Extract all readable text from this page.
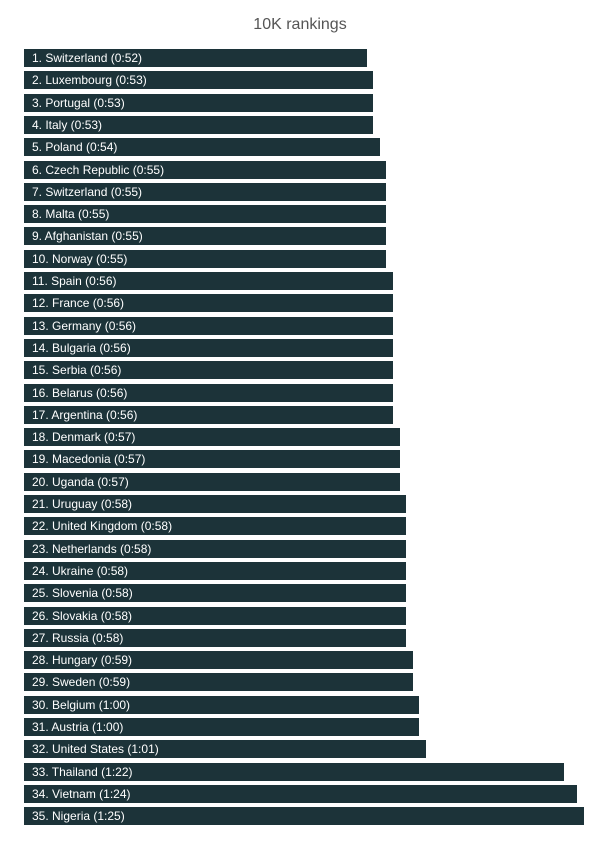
10K rankings
1. Switzerland (0:52)
2. Luxembourg (0:53)
3. Portugal (0:53)
4. Italy (0:53)
5. Poland (0:54)
6. Czech Republic (0:55)
7. Switzerland (0:55)
8. Malta (0:55)
9. Afghanistan (0:55)
10. Norway (0:55)
11. Spain (0:56)
12. France (0:56)
13. Germany (0:56)
14. Bulgaria (0:56)
15. Serbia (0:56)
16. Belarus (0:56)
17. Argentina (0:56)
18. Denmark (0:57)
19. Macedonia (0:57)
20. Uganda (0:57)
21. Uruguay (0:58)
22. United Kingdom (0:58)
23. Netherlands (0:58)
24. Ukraine (0:58)
25. Slovenia (0:58)
26. Slovakia (0:58)
27. Russia (0:58)
28. Hungary (0:59)
29. Sweden (0:59)
30. Belgium (1:00)
31. Austria (1:00)
32. United States (1:01)
33. Thailand (1:22)
34. Vietnam (1:24)
35. Nigeria (1:25)
